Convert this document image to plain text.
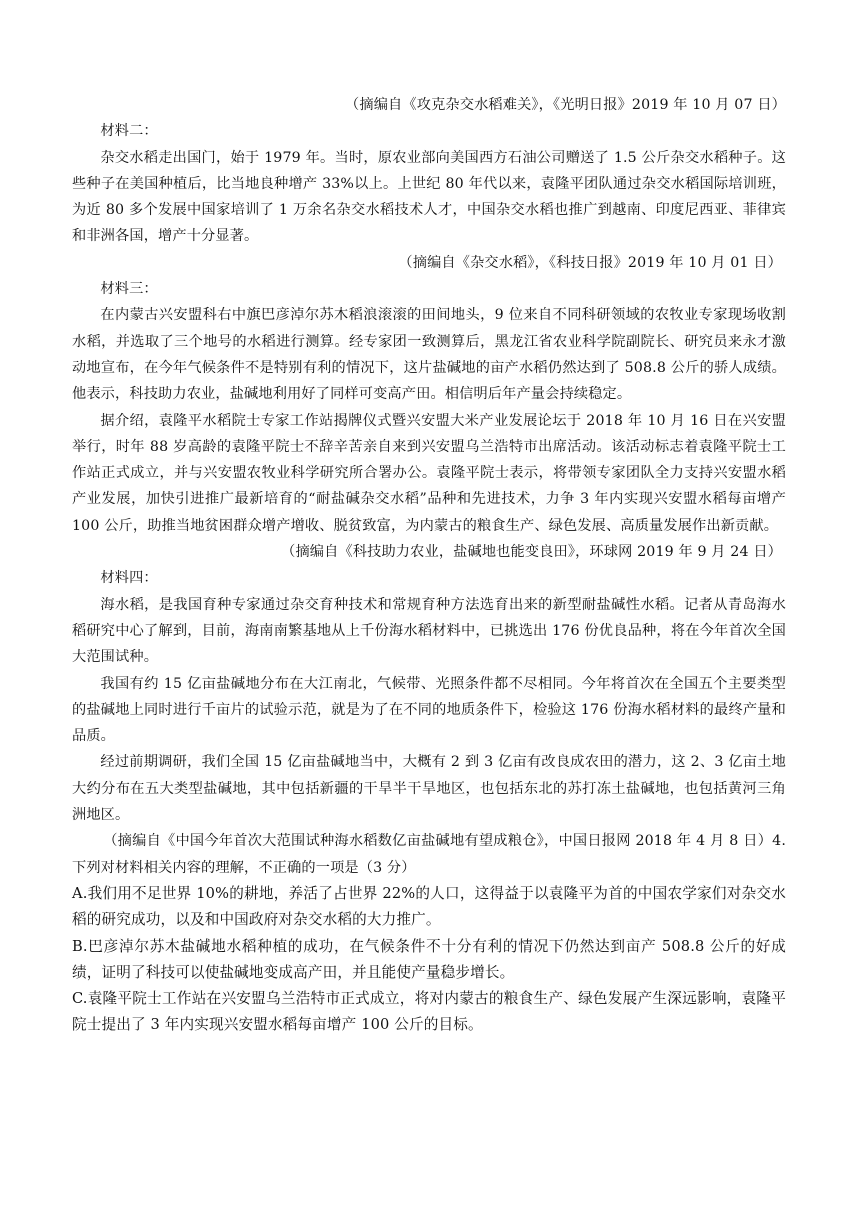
（摘编自《攻克杂交水稻难关》，《光明日报》2019 年 10 月 07 日）

材料二：

杂交水稻走出国门，始于 1979 年。当时，原农业部向美国西方石油公司赠送了 1.5 公斤杂交水稻种子。这些种子在美国种植后，比当地良种增产 33%以上。上世纪 80 年代以来，袁隆平团队通过杂交水稻国际培训班，为近 80 多个发展中国家培训了 1 万余名杂交水稻技术人才，中国杂交水稻也推广到越南、印度尼西亚、菲律宾和非洲各国，增产十分显著。

（摘编自《杂交水稻》，《科技日报》2019 年 10 月 01 日）

材料三：

在内蒙古兴安盟科右中旗巴彦淖尔苏木稻浪滚滚的田间地头，9 位来自不同科研领域的农牧业专家现场收割水稻，并选取了三个地号的水稻进行测算。经专家团一致测算后，黑龙江省农业科学院副院长、研究员来永才激动地宣布，在今年气候条件不是特别有利的情况下，这片盐碱地的亩产水稻仍然达到了 508.8 公斤的骄人成绩。他表示，科技助力农业，盐碱地利用好了同样可变高产田。相信明后年产量会持续稳定。

据介绍，袁隆平水稻院士专家工作站揭牌仪式暨兴安盟大米产业发展论坛于 2018 年 10 月 16 日在兴安盟举行，时年 88 岁高龄的袁隆平院士不辞辛苦亲自来到兴安盟乌兰浩特市出席活动。该活动标志着袁隆平院士工作站正式成立，并与兴安盟农牧业科学研究所合署办公。袁隆平院士表示，将带领专家团队全力支持兴安盟水稻产业发展，加快引进推广最新培育的“耐盐碱杂交水稻”品种和先进技术，力争 3 年内实现兴安盟水稻每亩增产 100 公斤，助推当地贫困群众增产增收、脱贫致富，为内蒙古的粮食生产、绿色发展、高质量发展作出新贡献。

（摘编自《科技助力农业，盐碱地也能变良田》，环球网 2019 年 9 月 24 日）

材料四：

海水稻，是我国育种专家通过杂交育种技术和常规育种方法选育出来的新型耐盐碱性水稻。记者从青岛海水稻研究中心了解到，目前，海南南繁基地从上千份海水稻材料中，已挑选出 176 份优良品种，将在今年首次全国大范围试种。

我国有约 15 亿亩盐碱地分布在大江南北，气候带、光照条件都不尽相同。今年将首次在全国五个主要类型的盐碱地上同时进行千亩片的试验示范，就是为了在不同的地质条件下，检验这 176 份海水稻材料的最终产量和品质。

经过前期调研，我们全国 15 亿亩盐碱地当中，大概有 2 到 3 亿亩有改良成农田的潜力，这 2、3 亿亩土地大约分布在五大类型盐碱地，其中包括新疆的干旱半干旱地区，也包括东北的苏打冻土盐碱地，也包括黄河三角洲地区。

（摘编自《中国今年首次大范围试种海水稻数亿亩盐碱地有望成粮仓》，中国日报网 2018 年 4 月 8 日）4.下列对材料相关内容的理解，不正确的一项是（3 分）

A.我们用不足世界 10%的耕地，养活了占世界 22%的人口，这得益于以袁隆平为首的中国农学家们对杂交水稻的研究成功，以及和中国政府对杂交水稻的大力推广。

B.巴彦淖尔苏木盐碱地水稻种植的成功，在气候条件不十分有利的情况下仍然达到亩产 508.8 公斤的好成绩，证明了科技可以使盐碱地变成高产田，并且能使产量稳步增长。

C.袁隆平院士工作站在兴安盟乌兰浩特市正式成立，将对内蒙古的粮食生产、绿色发展产生深远影响，袁隆平院士提出了 3 年内实现兴安盟水稻每亩增产 100 公斤的目标。
